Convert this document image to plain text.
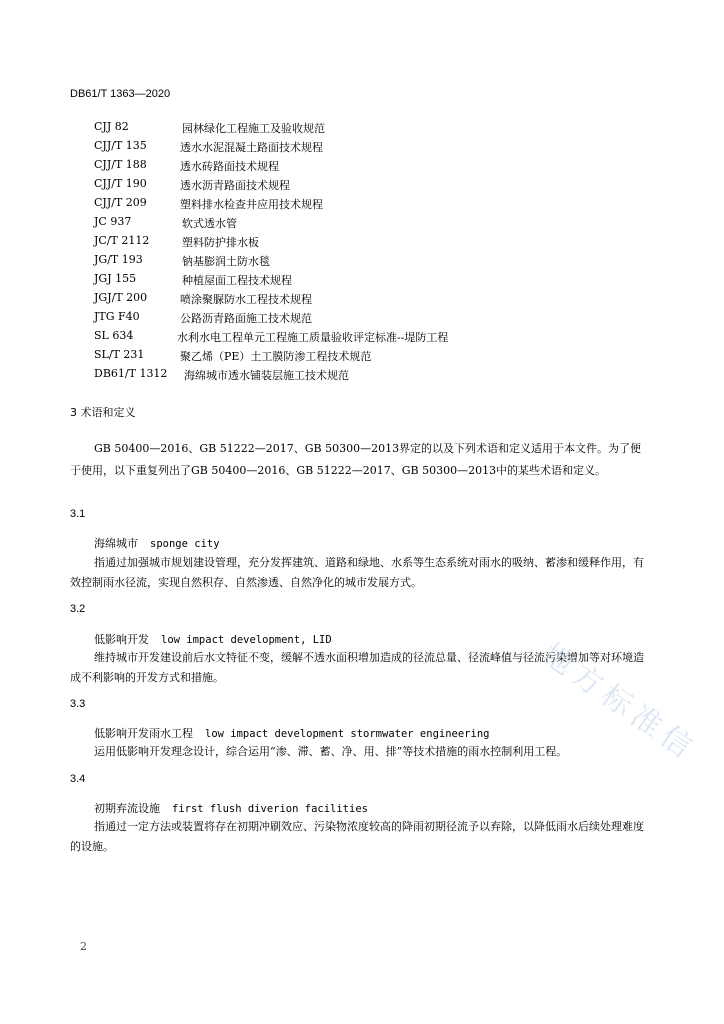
DB61/T 1363—2020
CJJ 82	园林绿化工程施工及验收规范
CJJ/T 135	透水水泥混凝土路面技术规程
CJJ/T 188	透水砖路面技术规程
CJJ/T 190	透水沥青路面技术规程
CJJ/T 209	塑料排水检查井应用技术规程
JC 937	软式透水管
JC/T 2112	塑料防护排水板
JG/T 193	钠基膨润土防水毯
JGJ 155	种植屋面工程技术规程
JGJ/T 200	喷涂聚脲防水工程技术规程
JTG F40	公路沥青路面施工技术规范
SL 634	水利水电工程单元工程施工质量验收评定标准--堤防工程
SL/T 231	聚乙烯（PE）土工膜防渗工程技术规范
DB61/T 1312 海绵城市透水铺装层施工技术规范
3 术语和定义
GB 50400—2016、GB 51222—2017、GB 50300—2013界定的以及下列术语和定义适用于本文件。为了便于使用，以下重复列出了GB 50400—2016、GB 51222—2017、GB 50300—2013中的某些术语和定义。
3.1
海绵城市 sponge city
指通过加强城市规划建设管理，充分发挥建筑、道路和绿地、水系等生态系统对雨水的吸纳、蓄渗和缓释作用，有效控制雨水径流，实现自然积存、自然渗透、自然净化的城市发展方式。
3.2
低影响开发 low impact development, LID
维持城市开发建设前后水文特征不变，缓解不透水面积增加造成的径流总量、径流峰值与径流污染增加等对环境造成不利影响的开发方式和措施。
3.3
低影响开发雨水工程 low impact development stormwater engineering
运用低影响开发理念设计，综合运用“渗、滞、蓄、净、用、排”等技术措施的雨水控制利用工程。
3.4
初期弃流设施 first flush diverion facilities
指通过一定方法或装置将存在初期冲刷效应、污染物浓度较高的降雨初期径流予以弃除，以降低雨水后续处理难度的设施。
地方标准信
2
